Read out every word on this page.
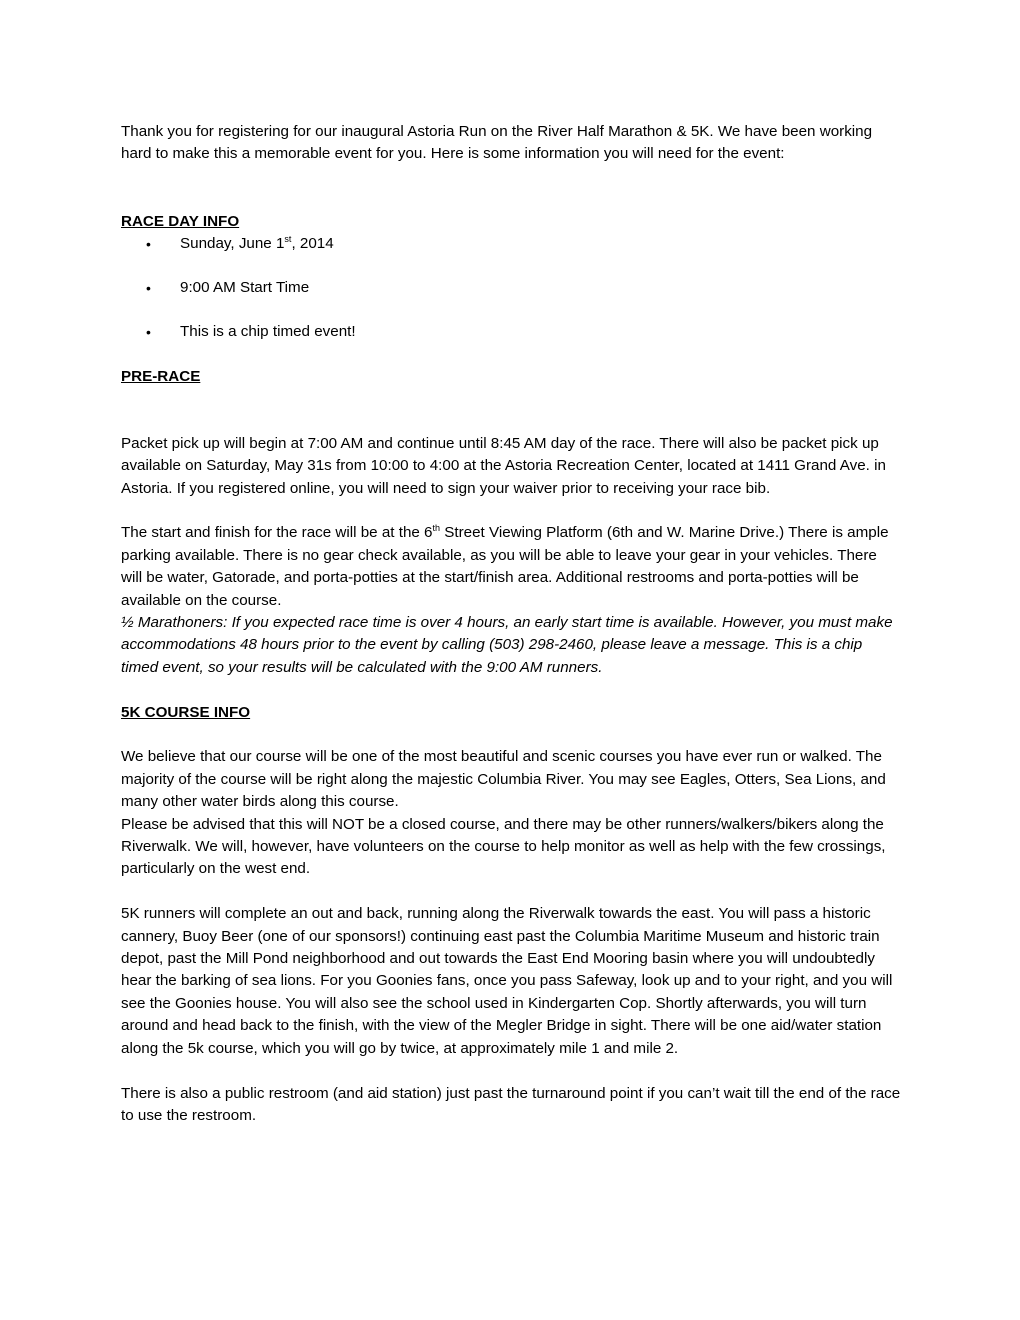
Thank you for registering for our inaugural Astoria Run on the River Half Marathon & 5K. We have been working hard to make this a memorable event for you. Here is some information you will need for the event:

RACE DAY INFO

• Sunday, June 1st, 2014
• 9:00 AM Start Time
• This is a chip timed event!

PRE-RACE

Packet pick up will begin at 7:00 AM and continue until 8:45 AM day of the race. There will also be packet pick up available on Saturday, May 31s from 10:00 to 4:00 at the Astoria Recreation Center, located at 1411 Grand Ave. in Astoria. If you registered online, you will need to sign your waiver prior to receiving your race bib.

The start and finish for the race will be at the 6th Street Viewing Platform (6th and W. Marine Drive.) There is ample parking available. There is no gear check available, as you will be able to leave your gear in your vehicles. There will be water, Gatorade, and porta-potties at the start/finish area. Additional restrooms and porta-potties will be available on the course.

½ Marathoners: If you expected race time is over 4 hours, an early start time is available. However, you must make accommodations 48 hours prior to the event by calling (503) 298-2460, please leave a message. This is a chip timed event, so your results will be calculated with the 9:00 AM runners.

5K COURSE INFO

We believe that our course will be one of the most beautiful and scenic courses you have ever run or walked. The majority of the course will be right along the majestic Columbia River. You may see Eagles, Otters, Sea Lions, and many other water birds along this course.

Please be advised that this will NOT be a closed course, and there may be other runners/walkers/bikers along the Riverwalk. We will, however, have volunteers on the course to help monitor as well as help with the few crossings, particularly on the west end.

5K runners will complete an out and back, running along the Riverwalk towards the east. You will pass a historic cannery, Buoy Beer (one of our sponsors!) continuing east past the Columbia Maritime Museum and historic train depot, past the Mill Pond neighborhood and out towards the East End Mooring basin where you will undoubtedly hear the barking of sea lions. For you Goonies fans, once you pass Safeway, look up and to your right, and you will see the Goonies house. You will also see the school used in Kindergarten Cop. Shortly afterwards, you will turn around and head back to the finish, with the view of the Megler Bridge in sight. There will be one aid/water station along the 5k course, which you will go by twice, at approximately mile 1 and mile 2.

There is also a public restroom (and aid station) just past the turnaround point if you can’t wait till the end of the race to use the restroom.
